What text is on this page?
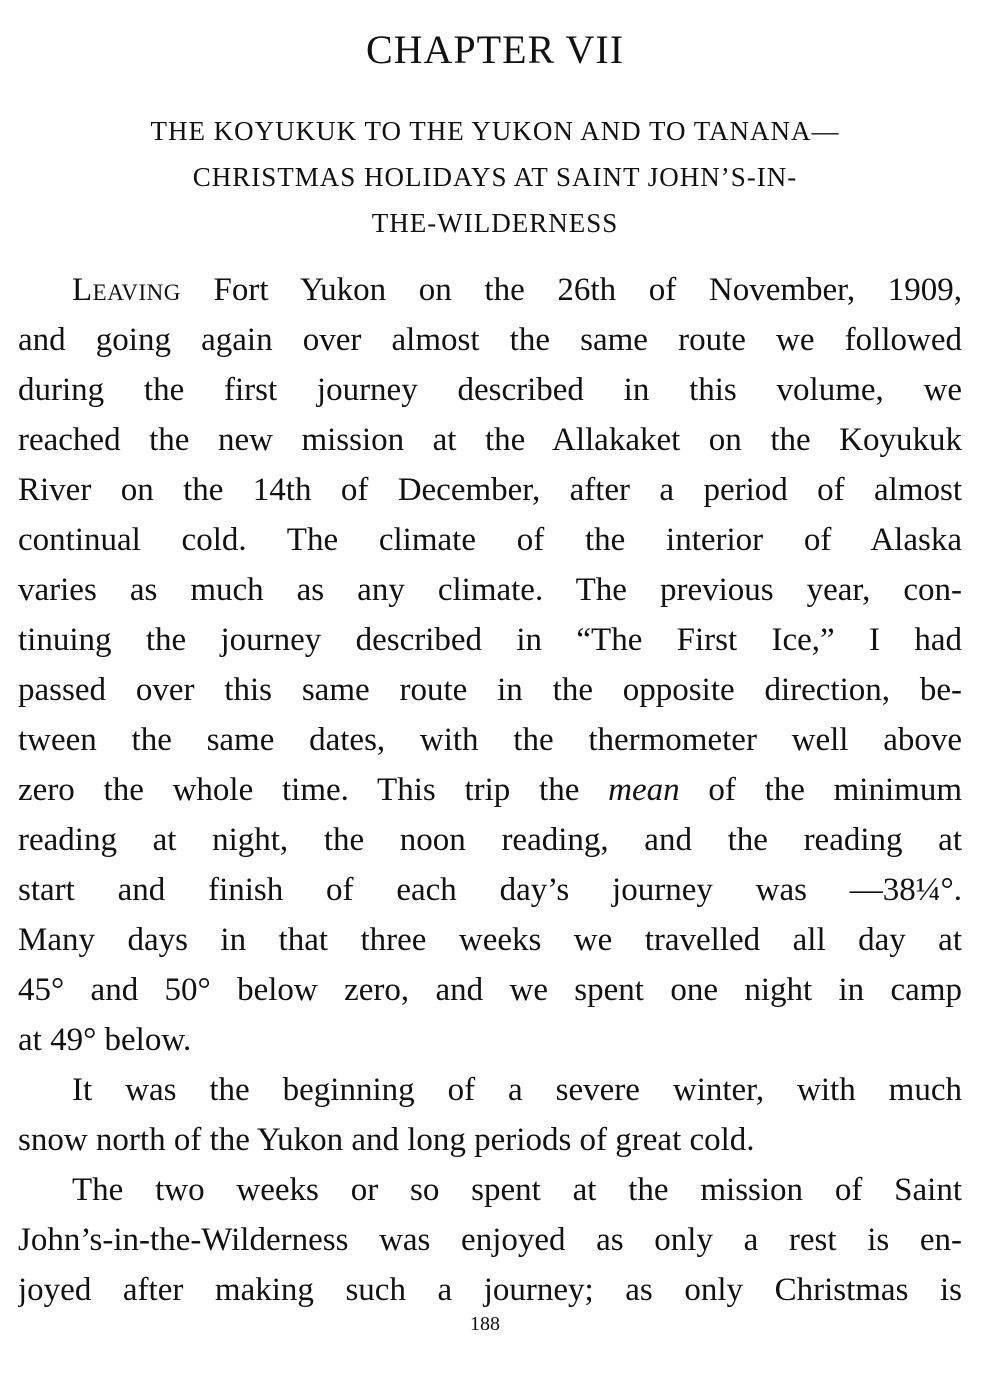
CHAPTER VII
THE KOYUKUK TO THE YUKON AND TO TANANA—
CHRISTMAS HOLIDAYS AT SAINT JOHN’S-IN-
THE-WILDERNESS
Leaving Fort Yukon on the 26th of November, 1909,
and going again over almost the same route we followed
during the first journey described in this volume, we
reached the new mission at the Allakaket on the Koyukuk
River on the 14th of December, after a period of almost
continual cold. The climate of the interior of Alaska
varies as much as any climate. The previous year, con-
tinuing the journey described in “The First Ice,” I had
passed over this same route in the opposite direction, be-
tween the same dates, with the thermometer well above
zero the whole time. This trip the mean of the minimum
reading at night, the noon reading, and the reading at
start and finish of each day’s journey was —38¼°.
Many days in that three weeks we travelled all day at
45° and 50° below zero, and we spent one night in camp
at 49° below.
It was the beginning of a severe winter, with much
snow north of the Yukon and long periods of great cold.
The two weeks or so spent at the mission of Saint
John’s-in-the-Wilderness was enjoyed as only a rest is en-
joyed after making such a journey; as only Christmas is
188
